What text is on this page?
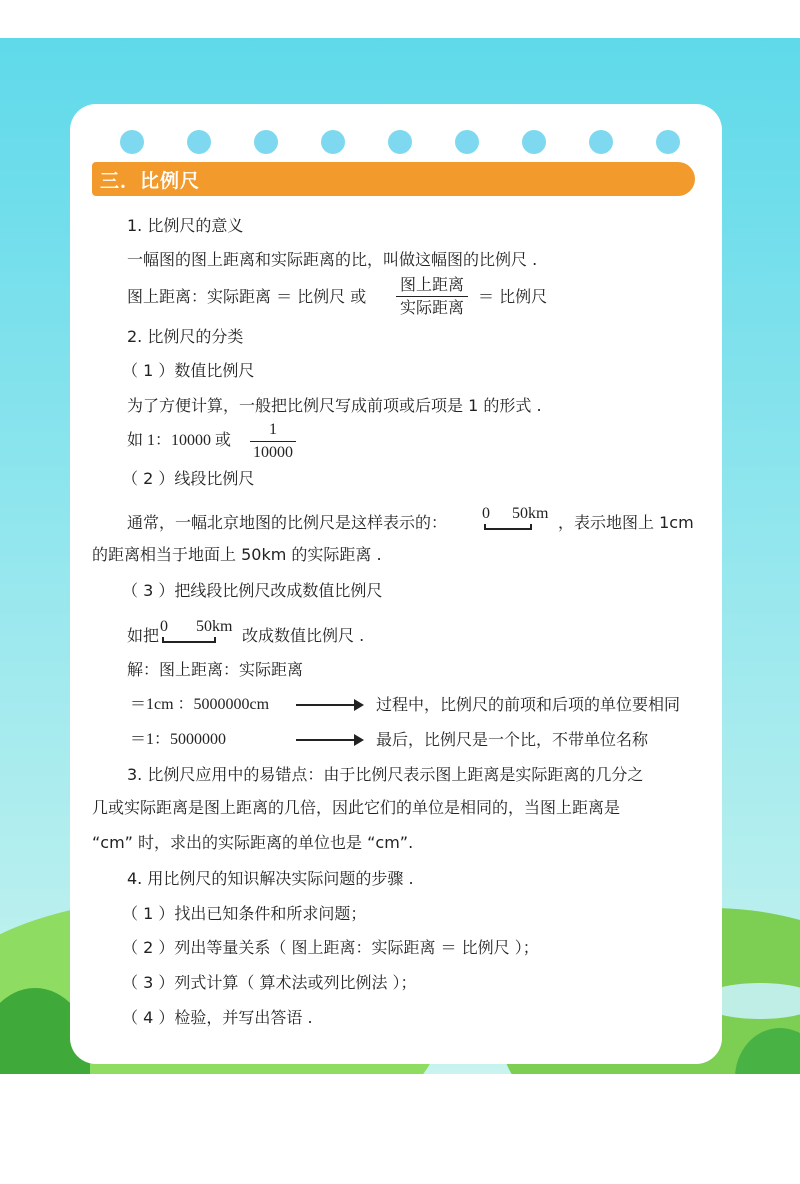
三．比例尺
1. 比例尺的意义
一幅图的图上距离和实际距离的比，叫做这幅图的比例尺 .
图上距离：实际距离 ＝ 比例尺 或
图上距离
实际距离
＝ 比例尺
2. 比例尺的分类
（ 1 ）数值比例尺
为了方便计算，一般把比例尺写成前项或后项是 1 的形式 .
如 1：10000 或
1
10000
（ 2 ）线段比例尺
通常，一幅北京地图的比例尺是这样表示的： 0 50km ，表示地图上 1cm
的距离相当于地面上 50km 的实际距离 .
（ 3 ）把线段比例尺改成数值比例尺
如把 0 50km 改成数值比例尺 .
解：图上距离：实际距离
＝1cm ：5000000cm	过程中，比例尺的前项和后项的单位要相同
＝1：5000000	最后，比例尺是一个比，不带单位名称
3. 比例尺应用中的易错点：由于比例尺表示图上距离是实际距离的几分之
几或实际距离是图上距离的几倍，因此它们的单位是相同的，当图上距离是
“cm” 时，求出的实际距离的单位也是 “cm”.
4. 用比例尺的知识解决实际问题的步骤 .
（ 1 ）找出已知条件和所求问题；
（ 2 ）列出等量关系（ 图上距离：实际距离 ＝ 比例尺 ）；
（ 3 ）列式计算（ 算术法或列比例法 ）；
（ 4 ）检验，并写出答语 .
